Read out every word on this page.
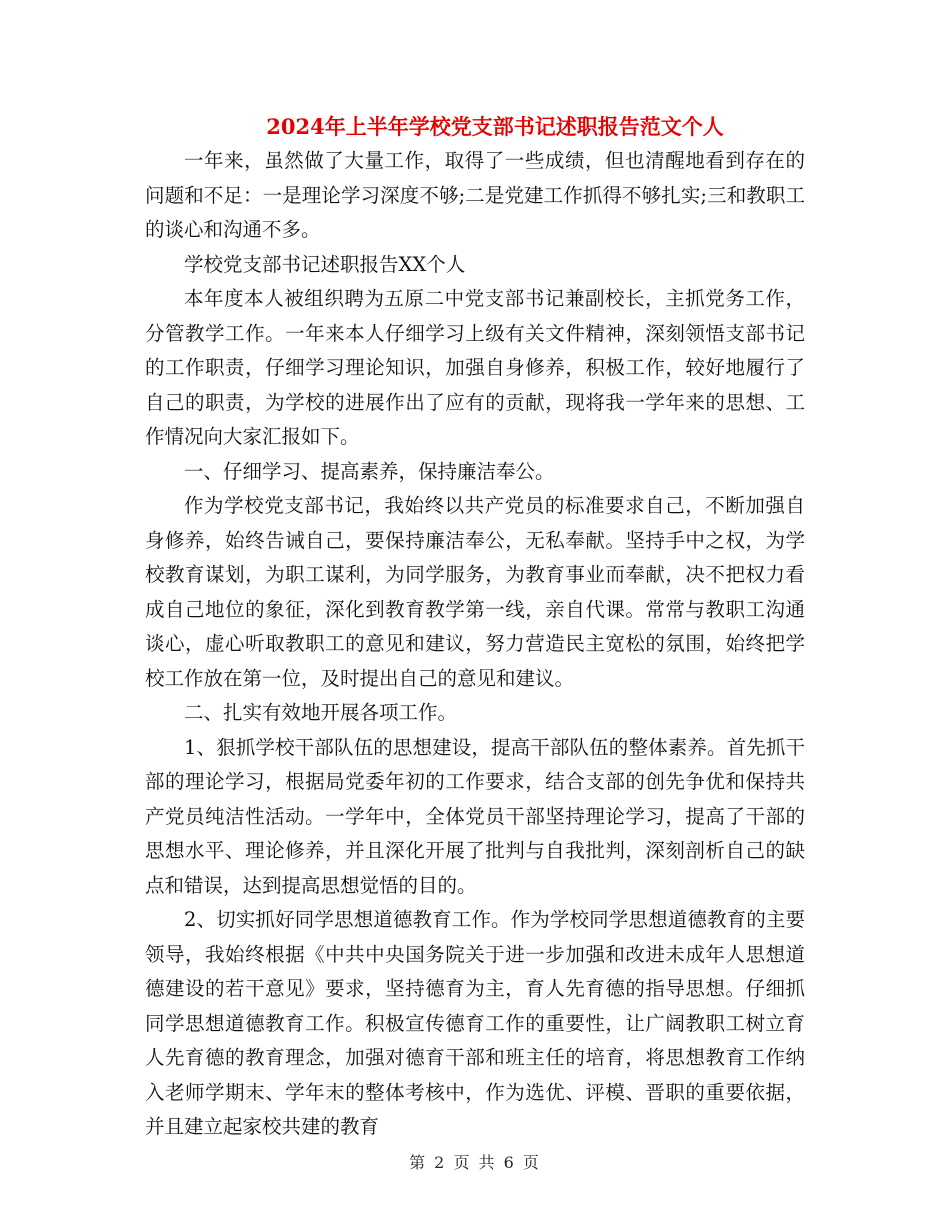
2024年上半年学校党支部书记述职报告范文个人

一年来，虽然做了大量工作，取得了一些成绩，但也清醒地看到存在的问题和不足：一是理论学习深度不够;二是党建工作抓得不够扎实;三和教职工的谈心和沟通不多。

学校党支部书记述职报告XX个人

本年度本人被组织聘为五原二中党支部书记兼副校长，主抓党务工作，分管教学工作。一年来本人仔细学习上级有关文件精神，深刻领悟支部书记的工作职责，仔细学习理论知识，加强自身修养，积极工作，较好地履行了自己的职责，为学校的进展作出了应有的贡献，现将我一学年来的思想、工作情况向大家汇报如下。

一、仔细学习、提高素养，保持廉洁奉公。

作为学校党支部书记，我始终以共产党员的标准要求自己，不断加强自身修养，始终告诫自己，要保持廉洁奉公，无私奉献。坚持手中之权，为学校教育谋划，为职工谋利，为同学服务，为教育事业而奉献，决不把权力看成自己地位的象征，深化到教育教学第一线，亲自代课。常常与教职工沟通谈心，虚心听取教职工的意见和建议，努力营造民主宽松的氛围，始终把学校工作放在第一位，及时提出自己的意见和建议。

二、扎实有效地开展各项工作。

1、狠抓学校干部队伍的思想建设，提高干部队伍的整体素养。首先抓干部的理论学习，根据局党委年初的工作要求，结合支部的创先争优和保持共产党员纯洁性活动。一学年中，全体党员干部坚持理论学习，提高了干部的思想水平、理论修养，并且深化开展了批判与自我批判，深刻剖析自己的缺点和错误，达到提高思想觉悟的目的。

2、切实抓好同学思想道德教育工作。作为学校同学思想道德教育的主要领导，我始终根据《中共中央国务院关于进一步加强和改进未成年人思想道德建设的若干意见》要求，坚持德育为主，育人先育德的指导思想。仔细抓同学思想道德教育工作。积极宣传德育工作的重要性，让广阔教职工树立育人先育德的教育理念，加强对德育干部和班主任的培育，将思想教育工作纳入老师学期末、学年末的整体考核中，作为选优、评模、晋职的重要依据，并且建立起家校共建的教育

第 2 页 共 6 页
